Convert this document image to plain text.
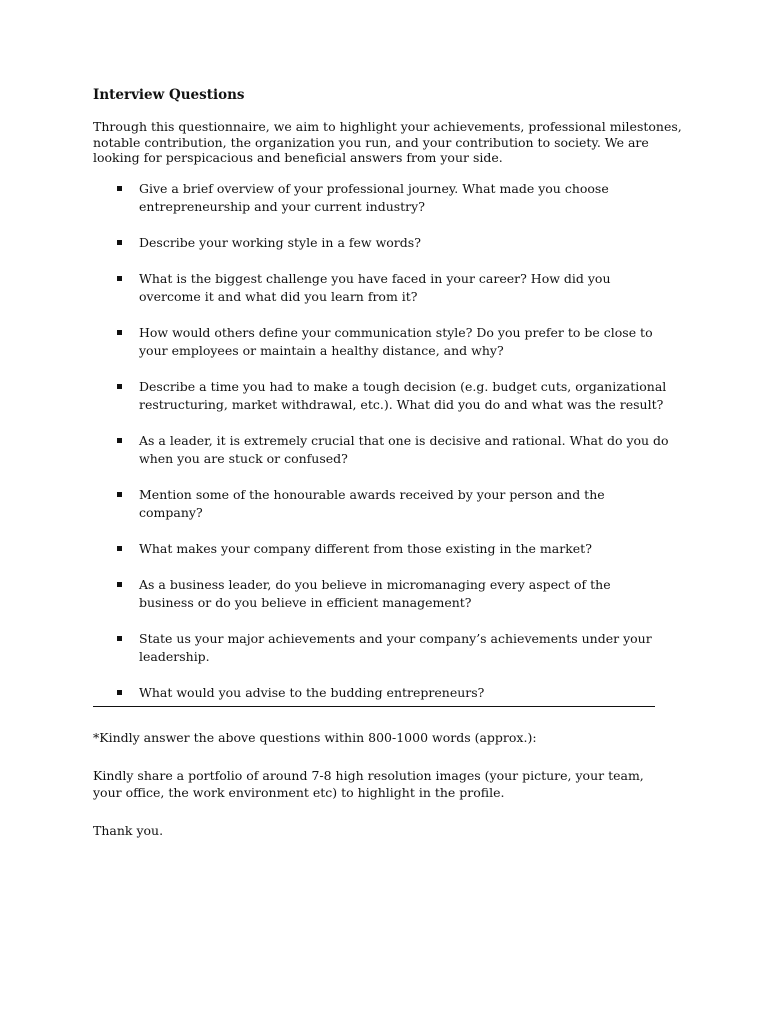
Interview Questions
Through this questionnaire, we aim to highlight your achievements, professional milestones, notable contribution, the organization you run, and your contribution to society. We are looking for perspicacious and beneficial answers from your side.
Give a brief overview of your professional journey. What made you choose entrepreneurship and your current industry?
Describe your working style in a few words?
What is the biggest challenge you have faced in your career? How did you overcome it and what did you learn from it?
How would others define your communication style? Do you prefer to be close to your employees or maintain a healthy distance, and why?
Describe a time you had to make a tough decision (e.g. budget cuts, organizational restructuring, market withdrawal, etc.). What did you do and what was the result?
As a leader, it is extremely crucial that one is decisive and rational. What do you do when you are stuck or confused?
Mention some of the honourable awards received by your person and the company?
What makes your company different from those existing in the market?
As a business leader, do you believe in micromanaging every aspect of the business or do you believe in efficient management?
State us your major achievements and your company’s achievements under your leadership.
What would you advise to the budding entrepreneurs?
*Kindly answer the above questions within 800-1000 words (approx.):
Kindly share a portfolio of around 7-8 high resolution images (your picture, your team, your office, the work environment etc) to highlight in the profile.
Thank you.
